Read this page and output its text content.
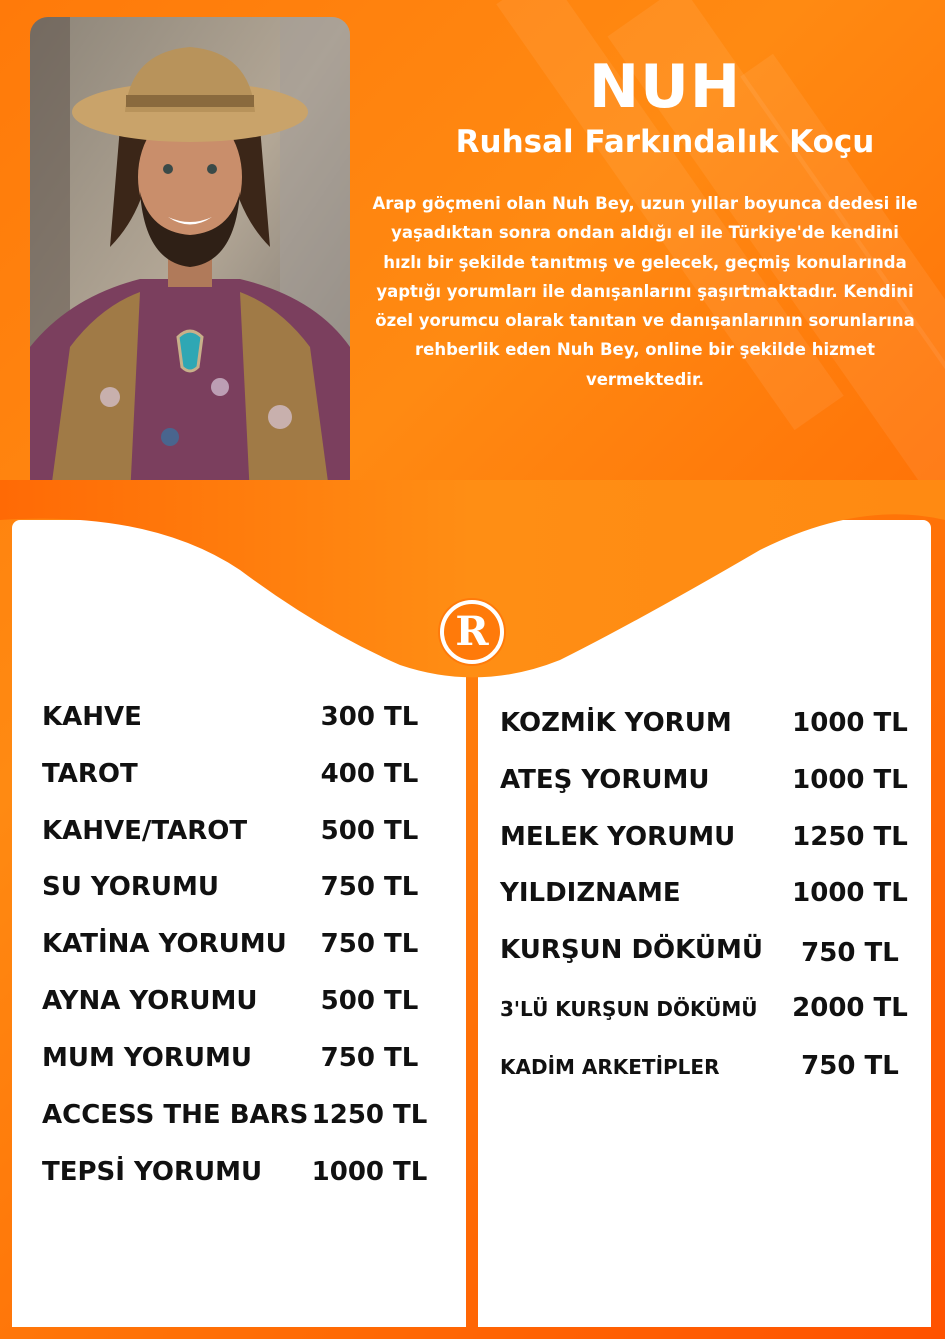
NUH
Ruhsal Farkındalık Koçu
Arap göçmeni olan Nuh Bey, uzun yıllar boyunca dedesi ile yaşadıktan sonra ondan aldığı el ile Türkiye'de kendini hızlı bir şekilde tanıtmış ve gelecek, geçmiş konularında yaptığı yorumları ile danışanlarını şaşırtmaktadır. Kendini özel yorumcu olarak tanıtan ve danışanlarının sorunlarına rehberlik eden Nuh Bey, online bir şekilde hizmet vermektedir.
R
KAHVE	300 TL
TAROT	400 TL
KAHVE/TAROT	500 TL
SU YORUMU	750 TL
KATİNA YORUMU	750 TL
AYNA YORUMU	500 TL
MUM YORUMU	750 TL
ACCESS THE BARS 1250 TL
TEPSİ YORUMU 1000 TL
KOZMİK YORUM 1000 TL
ATEŞ YORUMU	1000 TL
MELEK YORUMU 1250 TL
YILDIZNAME	1000 TL
KURŞUN DÖKÜMÜ	750 TL
3'LÜ KURŞUN DÖKÜMÜ 2000 TL
KADİM ARKETİPLER	750 TL
